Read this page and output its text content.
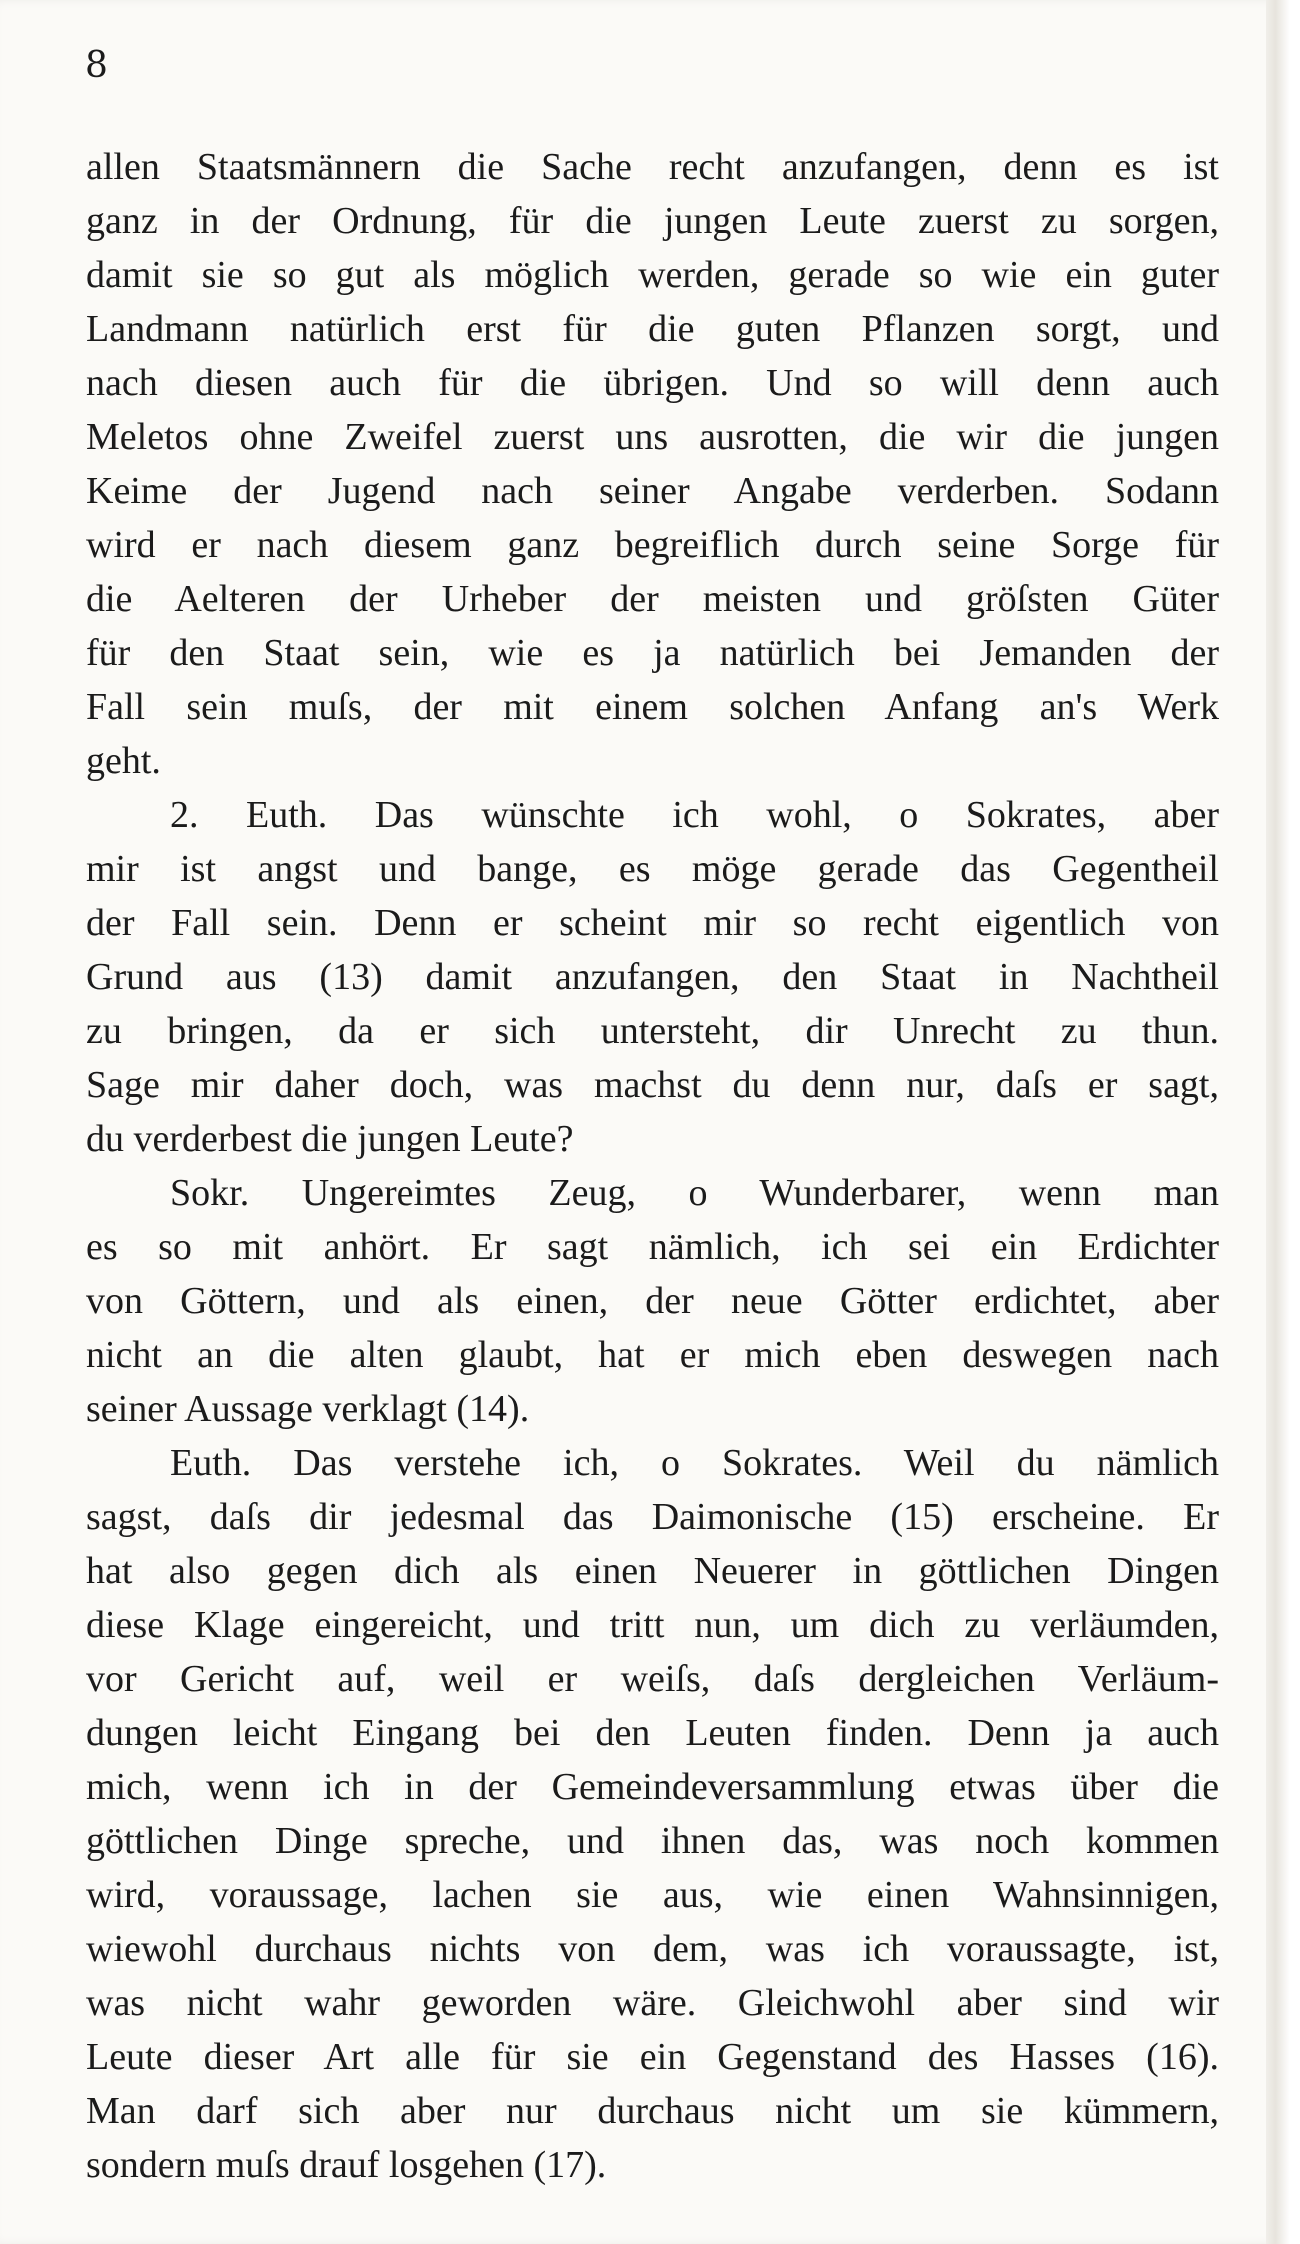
8
allen Staatsmännern die Sache recht anzufangen, denn es ist
ganz in der Ordnung, für die jungen Leute zuerst zu sorgen,
damit sie so gut als möglich werden, gerade so wie ein guter
Landmann natürlich erst für die guten Pflanzen sorgt, und
nach diesen auch für die übrigen. Und so will denn auch
Meletos ohne Zweifel zuerst uns ausrotten, die wir die jungen
Keime der Jugend nach seiner Angabe verderben. Sodann
wird er nach diesem ganz begreiflich durch seine Sorge für
die Aelteren der Urheber der meisten und gröſsten Güter
für den Staat sein, wie es ja natürlich bei Jemanden der
Fall sein muſs, der mit einem solchen Anfang an's Werk
geht.
2. Euth. Das wünschte ich wohl, o Sokrates, aber
mir ist angst und bange, es möge gerade das Gegentheil
der Fall sein. Denn er scheint mir so recht eigentlich von
Grund aus (13) damit anzufangen, den Staat in Nachtheil
zu bringen, da er sich untersteht, dir Unrecht zu thun.
Sage mir daher doch, was machst du denn nur, daſs er sagt,
du verderbest die jungen Leute?
Sokr. Ungereimtes Zeug, o Wunderbarer, wenn man
es so mit anhört. Er sagt nämlich, ich sei ein Erdichter
von Göttern, und als einen, der neue Götter erdichtet, aber
nicht an die alten glaubt, hat er mich eben deswegen nach
seiner Aussage verklagt (14).
Euth. Das verstehe ich, o Sokrates. Weil du nämlich
sagst, daſs dir jedesmal das Daimonische (15) erscheine. Er
hat also gegen dich als einen Neuerer in göttlichen Dingen
diese Klage eingereicht, und tritt nun, um dich zu verläumden,
vor Gericht auf, weil er weiſs, daſs dergleichen Verläum-
dungen leicht Eingang bei den Leuten finden. Denn ja auch
mich, wenn ich in der Gemeindeversammlung etwas über die
göttlichen Dinge spreche, und ihnen das, was noch kommen
wird, voraussage, lachen sie aus, wie einen Wahnsinnigen,
wiewohl durchaus nichts von dem, was ich voraussagte, ist,
was nicht wahr geworden wäre. Gleichwohl aber sind wir
Leute dieser Art alle für sie ein Gegenstand des Hasses (16).
Man darf sich aber nur durchaus nicht um sie kümmern,
sondern muſs drauf losgehen (17).
